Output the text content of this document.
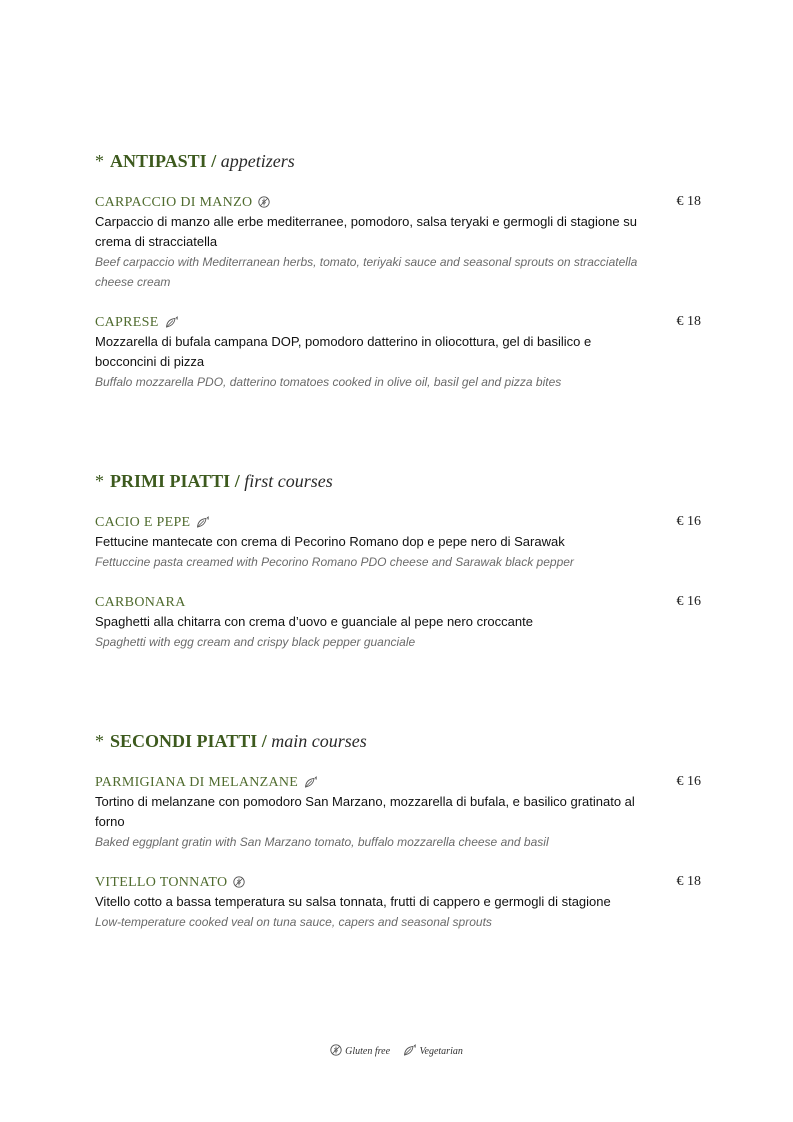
* ANTIPASTI / appetizers
CARPACCIO DI MANZO	€ 18
Carpaccio di manzo alle erbe mediterranee, pomodoro, salsa teryaki e germogli di stagione su crema di stracciatella
Beef carpaccio with Mediterranean herbs, tomato, teriyaki sauce and seasonal sprouts on stracciatella cheese cream
CAPRESE	€ 18
Mozzarella di bufala campana DOP, pomodoro datterino in oliocottura, gel di basilico e bocconcini di pizza
Buffalo mozzarella PDO, datterino tomatoes cooked in olive oil, basil gel and pizza bites
* PRIMI PIATTI / first courses
CACIO E PEPE	€ 16
Fettucine mantecate con crema di Pecorino Romano dop e pepe nero di Sarawak
Fettuccine pasta creamed with Pecorino Romano PDO cheese and Sarawak black pepper
CARBONARA	€ 16
Spaghetti alla chitarra con crema d’uovo e guanciale al pepe nero croccante
Spaghetti with egg cream and crispy black pepper guanciale
* SECONDI PIATTI / main courses
PARMIGIANA DI MELANZANE	€ 16
Tortino di melanzane con pomodoro San Marzano, mozzarella di bufala, e basilico gratinato al forno
Baked eggplant gratin with San Marzano tomato, buffalo mozzarella cheese and basil
VITELLO TONNATO	€ 18
Vitello cotto a bassa temperatura su salsa tonnata, frutti di cappero e germogli di stagione
Low-temperature cooked veal on tuna sauce, capers and seasonal sprouts
Gluten free	Vegetarian
